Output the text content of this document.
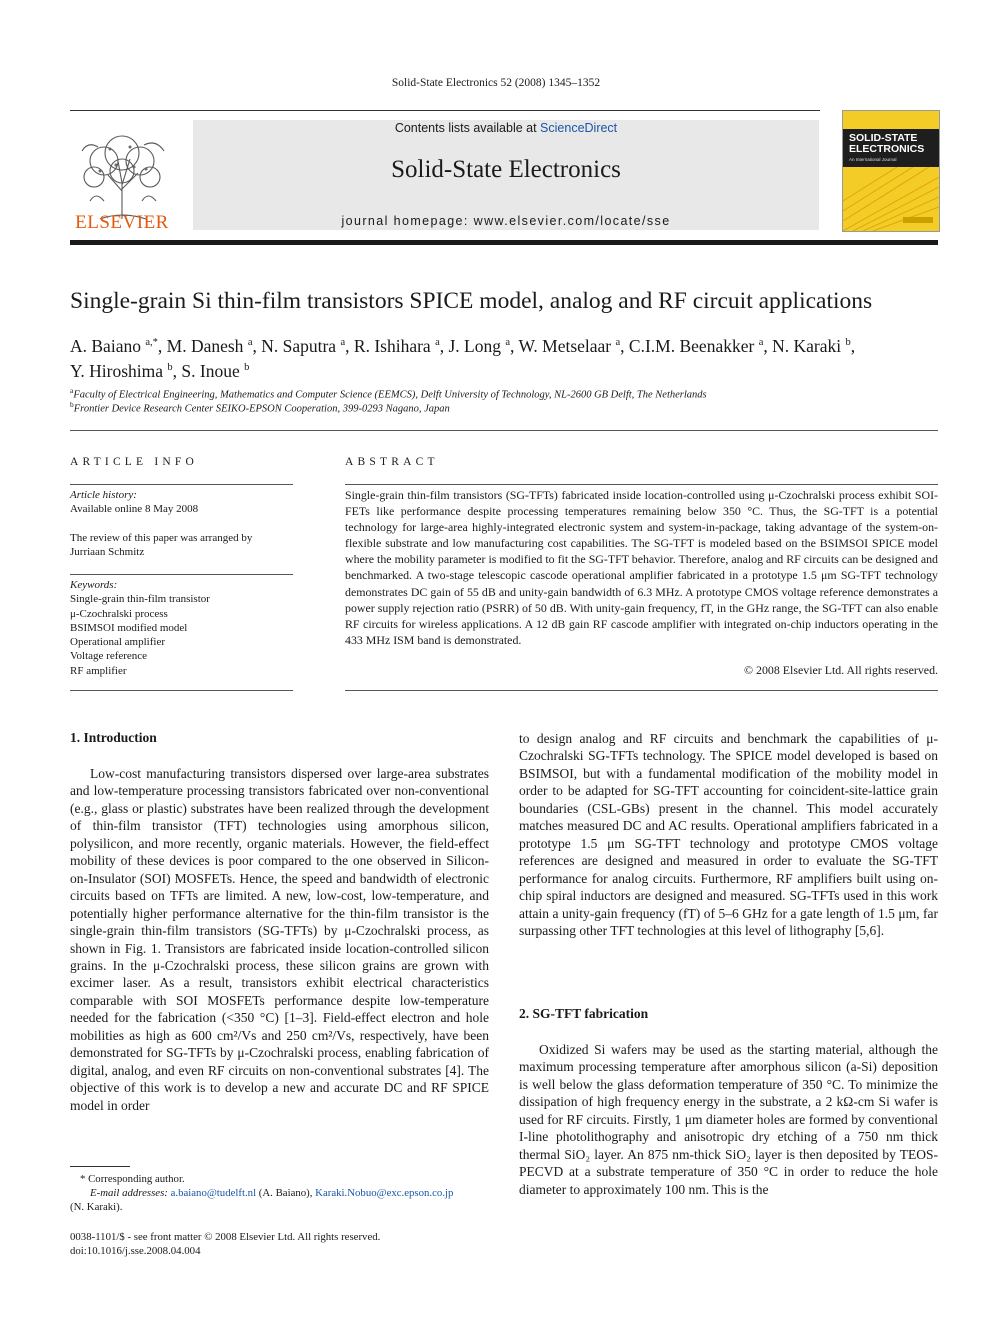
Solid-State Electronics 52 (2008) 1345–1352
ELSEVIER
Contents lists available at ScienceDirect
Solid-State Electronics
journal homepage: www.elsevier.com/locate/sse
SOLID-STATE
ELECTRONICS
An International Journal
Single-grain Si thin-film transistors SPICE model, analog and RF circuit applications
A. Baiano $^{a,*}$, M. Danesh $^a$, N. Saputra $^a$, R. Ishihara $^a$, J. Long $^a$, W. Metselaar $^a$, C.I.M. Beenakker $^a$, N. Karaki $^b$,
Y. Hiroshima $^b$, S. Inoue $^b$
$^a$Faculty of Electrical Engineering, Mathematics and Computer Science (EEMCS), Delft University of Technology, NL-2600 GB Delft, The Netherlands
$^b$Frontier Device Research Center SEIKO-EPSON Cooperation, 399-0293 Nagano, Japan
ARTICLE INFO
Article history:
Available online 8 May 2008
The review of this paper was arranged by
Jurriaan Schmitz
Keywords:
Single-grain thin-film transistor
μ-Czochralski process
BSIMSOI modified model
Operational amplifier
Voltage reference
RF amplifier
ABSTRACT
Single-grain thin-film transistors (SG-TFTs) fabricated inside location-controlled using μ-Czochralski process exhibit SOI-FETs like performance despite processing temperatures remaining below 350 °C. Thus, the SG-TFT is a potential technology for large-area highly-integrated electronic system and system-in-package, taking advantage of the system-on-flexible substrate and low manufacturing cost capabilities. The SG-TFT is modeled based on the BSIMSOI SPICE model where the mobility parameter is modified to fit the SG-TFT behavior. Therefore, analog and RF circuits can be designed and benchmarked. A two-stage telescopic cascode operational amplifier fabricated in a prototype 1.5 μm SG-TFT technology demonstrates DC gain of 55 dB and unity-gain bandwidth of 6.3 MHz. A prototype CMOS voltage reference demonstrates a power supply rejection ratio (PSRR) of 50 dB. With unity-gain frequency, fT, in the GHz range, the SG-TFT can also enable RF circuits for wireless applications. A 12 dB gain RF cascode amplifier with integrated on-chip inductors operating in the 433 MHz ISM band is demonstrated.
© 2008 Elsevier Ltd. All rights reserved.
1. Introduction

Low-cost manufacturing transistors dispersed over large-area substrates and low-temperature processing transistors fabricated over non-conventional (e.g., glass or plastic) substrates have been realized through the development of thin-film transistor (TFT) technologies using amorphous silicon, polysilicon, and more recently, organic materials. However, the field-effect mobility of these devices is poor compared to the one observed in Silicon-on-Insulator (SOI) MOSFETs. Hence, the speed and bandwidth of electronic circuits based on TFTs are limited. A new, low-cost, low-temperature, and potentially higher performance alternative for the thin-film transistor is the single-grain thin-film transistors (SG-TFTs) by μ-Czochralski process, as shown in Fig. 1. Transistors are fabricated inside location-controlled silicon grains. In the μ-Czochralski process, these silicon grains are grown with excimer laser. As a result, transistors exhibit electrical characteristics comparable with SOI MOSFETs performance despite low-temperature needed for the fabrication (<350 °C) [1–3]. Field-effect electron and hole mobilities as high as 600 cm²/Vs and 250 cm²/Vs, respectively, have been demonstrated for SG-TFTs by μ-Czochralski process, enabling fabrication of digital, analog, and even RF circuits on non-conventional substrates [4]. The objective of this work is to develop a new and accurate DC and RF SPICE model in order

to design analog and RF circuits and benchmark the capabilities of μ-Czochralski SG-TFTs technology. The SPICE model developed is based on BSIMSOI, but with a fundamental modification of the mobility model in order to be adapted for SG-TFT accounting for coincident-site-lattice grain boundaries (CSL-GBs) present in the channel. This model accurately matches measured DC and AC results. Operational amplifiers fabricated in a prototype 1.5 μm SG-TFT technology and prototype CMOS voltage references are designed and measured in order to evaluate the SG-TFT performance for analog circuits. Furthermore, RF amplifiers built using on-chip spiral inductors are designed and measured. SG-TFTs used in this work attain a unity-gain frequency (fT) of 5–6 GHz for a gate length of 1.5 μm, far surpassing other TFT technologies at this level of lithography [5,6].

2. SG-TFT fabrication

Oxidized Si wafers may be used as the starting material, although the maximum processing temperature after amorphous silicon (a-Si) deposition is well below the glass deformation temperature of 350 °C. To minimize the dissipation of high frequency energy in the substrate, a 2 kΩ-cm Si wafer is used for RF circuits. Firstly, 1 μm diameter holes are formed by conventional I-line photolithography and anisotropic dry etching of a 750 nm thick thermal SiO₂ layer. An 875 nm-thick SiO₂ layer is then deposited by TEOS-PECVD at a substrate temperature of 350 °C in order to reduce the hole diameter to approximately 100 nm. This is the

* Corresponding author.
E-mail addresses: a.baiano@tudelft.nl (A. Baiano), Karaki.Nobuo@exc.epson.co.jp
(N. Karaki).
0038-1101/$ - see front matter © 2008 Elsevier Ltd. All rights reserved.
doi:10.1016/j.sse.2008.04.004
